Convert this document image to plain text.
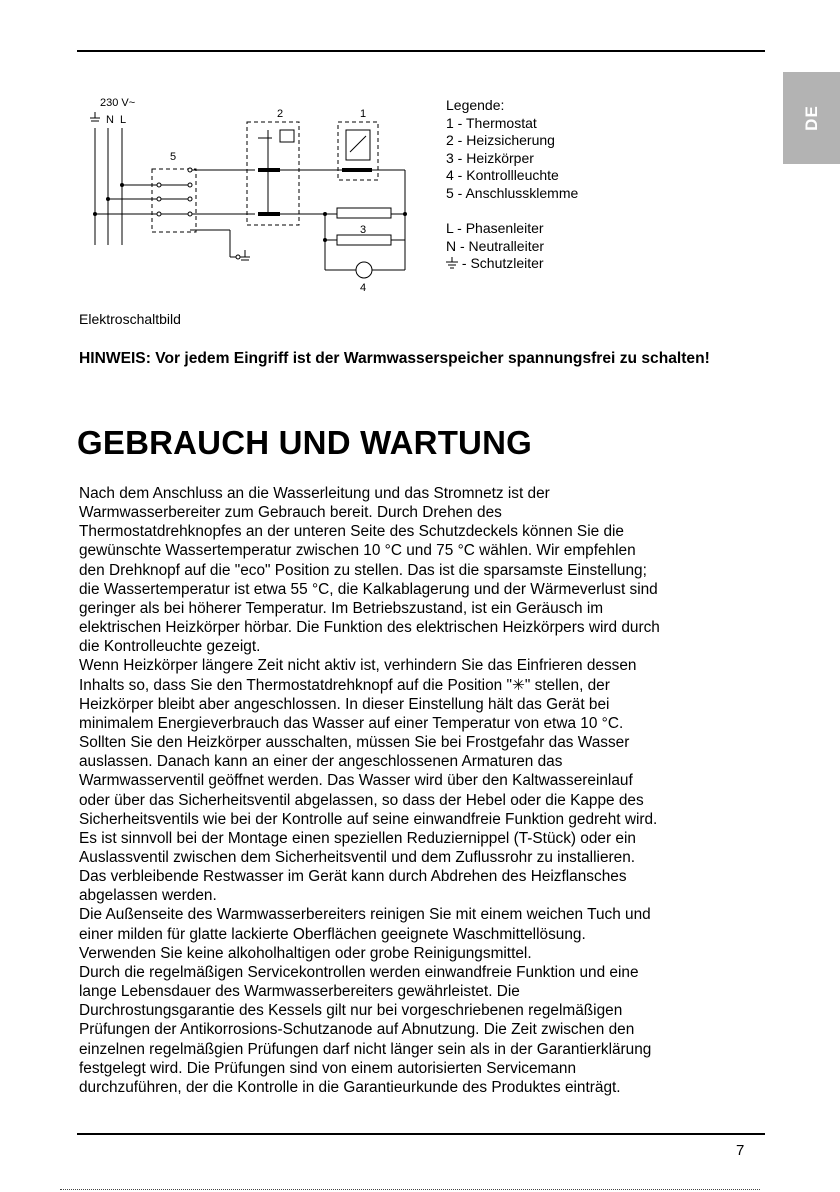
DE
230 V~
N L
5
2	1
3
4
Legende:
1 - Thermostat
2 - Heizsicherung
3 - Heizkörper
4 - Kontrollleuchte
5 - Anschlussklemme
L - Phasenleiter
N - Neutralleiter
- Schutzleiter
Elektroschaltbild
HINWEIS: Vor jedem Eingriff ist der Warmwasserspeicher spannungsfrei zu schalten!
GEBRAUCH UND WARTUNG

Nach dem Anschluss an die Wasserleitung und das Stromnetz ist der

Warmwasserbereiter zum Gebrauch bereit. Durch Drehen des

Thermostatdrehknopfes an der unteren Seite des Schutzdeckels können Sie die

gewünschte Wassertemperatur zwischen 10 °C und 75 °C wählen. Wir empfehlen

den Drehknopf auf die "eco" Position zu stellen. Das ist die sparsamste Einstellung;

die Wassertemperatur ist etwa 55 °C, die Kalkablagerung und der Wärmeverlust sind

geringer als bei höherer Temperatur. Im Betriebszustand, ist ein Geräusch im

elektrischen Heizkörper hörbar. Die Funktion des elektrischen Heizkörpers wird durch

die Kontrolleuchte gezeigt.

Wenn Heizkörper längere Zeit nicht aktiv ist, verhindern Sie das Einfrieren dessen

Inhalts so, dass Sie den Thermostatdrehknopf auf die Position "✳" stellen, der

Heizkörper bleibt aber angeschlossen. In dieser Einstellung hält das Gerät bei

minimalem Energieverbrauch das Wasser auf einer Temperatur von etwa 10 °C.

Sollten Sie den Heizkörper ausschalten, müssen Sie bei Frostgefahr das Wasser

auslassen. Danach kann an einer der angeschlossenen Armaturen das

Warmwasserventil geöffnet werden. Das Wasser wird über den Kaltwassereinlauf

oder über das Sicherheitsventil abgelassen, so dass der Hebel oder die Kappe des

Sicherheitsventils wie bei der Kontrolle auf seine einwandfreie Funktion gedreht wird.

Es ist sinnvoll bei der Montage einen speziellen Reduziernippel (T-Stück) oder ein

Auslassventil zwischen dem Sicherheitsventil und dem Zuflussrohr zu installieren.

Das verbleibende Restwasser im Gerät kann durch Abdrehen des Heizflansches

abgelassen werden.

Die Außenseite des Warmwasserbereiters reinigen Sie mit einem weichen Tuch und

einer milden für glatte lackierte Oberflächen geeignete Waschmittellösung.

Verwenden Sie keine alkoholhaltigen oder grobe Reinigungsmittel.

Durch die regelmäßigen Servicekontrollen werden einwandfreie Funktion und eine

lange Lebensdauer des Warmwasserbereiters gewährleistet. Die

Durchrostungsgarantie des Kessels gilt nur bei vorgeschriebenen regelmäßigen

Prüfungen der Antikorrosions-Schutzanode auf Abnutzung. Die Zeit zwischen den

einzelnen regelmäßgien Prüfungen darf nicht länger sein als in der Garantierklärung

festgelegt wird. Die Prüfungen sind von einem autorisierten Servicemann

durchzuführen, der die Kontrolle in die Garantieurkunde des Produktes einträgt.

7
